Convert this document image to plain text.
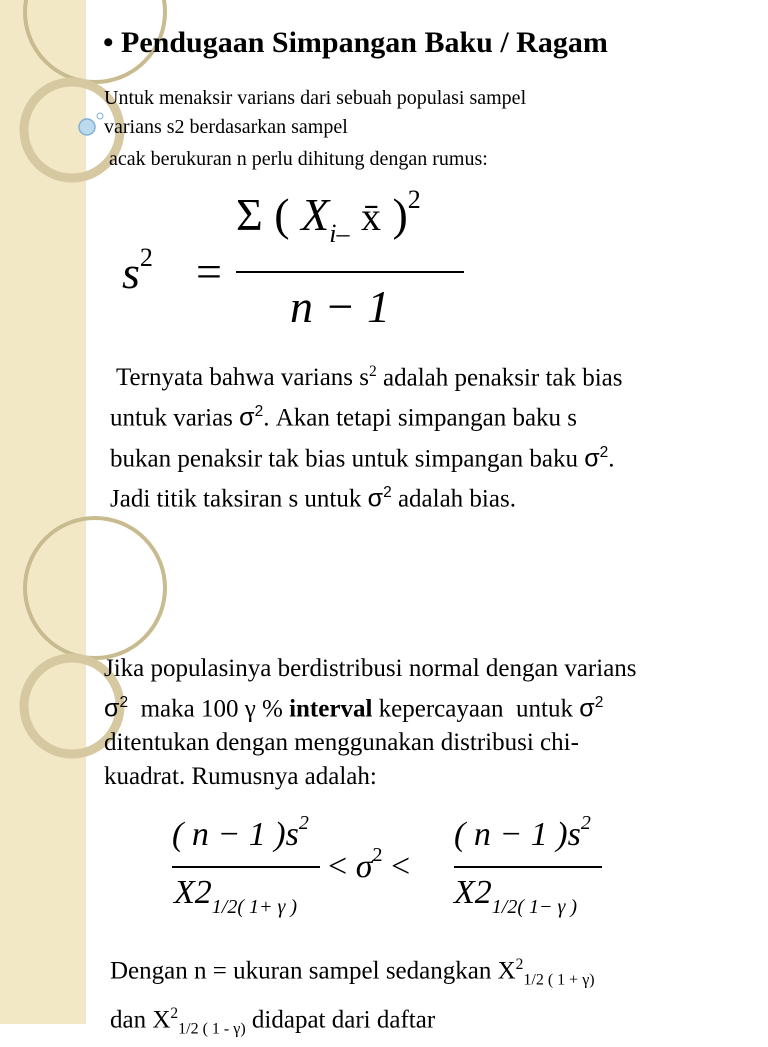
• Pendugaan Simpangan Baku / Ragam
Untuk menaksir varians dari sebuah populasi sampel
varians s2 berdasarkan sampel
acak berukuran n perlu dihitung dengan rumus:
$s^2$ =
Σ ( $X_{i-}$ x̄ )$^2$
n − 1
Ternyata bahwa varians $s^2$ adalah penaksir tak bias
untuk varias $\sigma^2$. Akan tetapi simpangan baku s
bukan penaksir tak bias untuk simpangan baku $\sigma^2$.
Jadi titik taksiran s untuk $\sigma^2$ adalah bias.
Jika populasinya berdistribusi normal dengan varians
$\sigma^2$  maka 100 γ % interval kepercayaan  untuk $\sigma^2$
ditentukan dengan menggunakan distribusi chi-
kuadrat. Rumusnya adalah:
( n − 1 )$s^2$
$X2_{1/2( 1+ \gamma )}$
< $\sigma^2$ <
( n − 1 )$s^2$
$X2_{1/2( 1- \gamma )}$
Dengan n = ukuran sampel sedangkan $X^2_{1/2 ( 1 + \gamma)}$
dan $X^2_{1/2 ( 1 - \gamma)}$ didapat dari daftar
